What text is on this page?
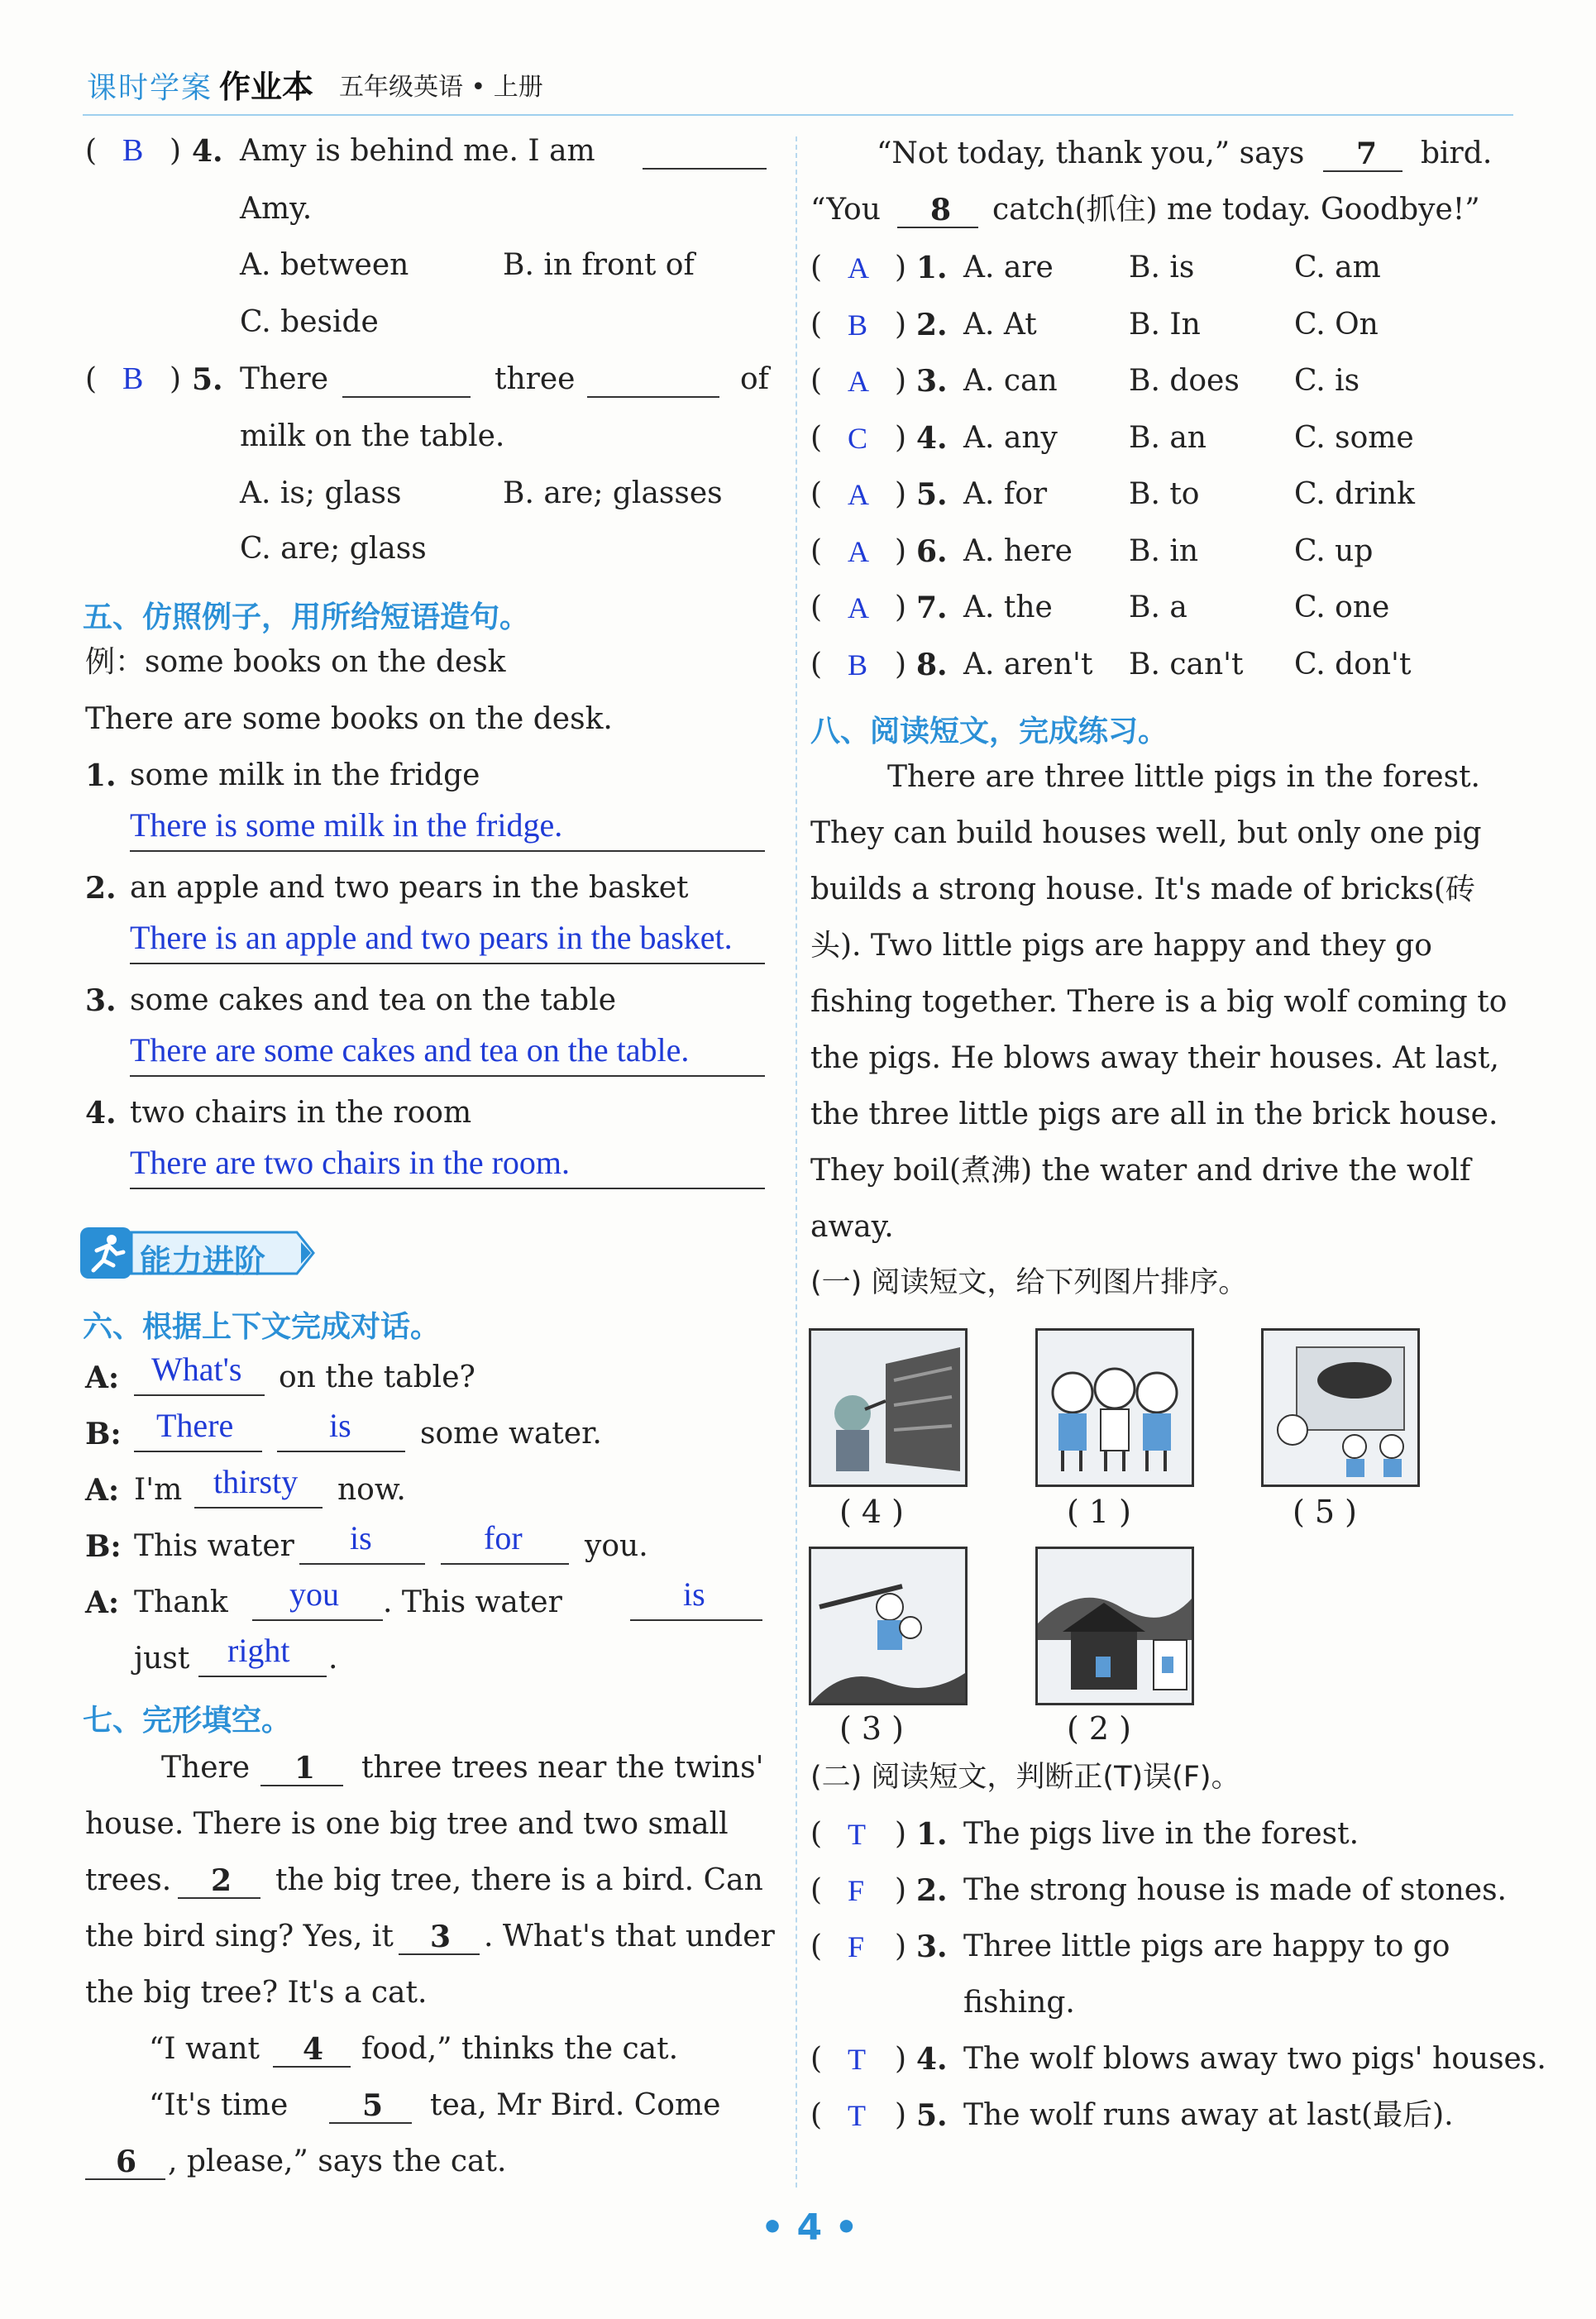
课时学案 作业本 五年级英语 • 上册
( B ) 4. Amy is behind me. I am
Amy.
A. between	B. in front of
C. beside
( B ) 5. There	three	of
milk on the table.
A. is; glass	B. are; glasses
C. are; glass
五、仿照例子，用所给短语造句。
例：some books on the desk
There are some books on the desk.
1. some milk in the fridge
There is some milk in the fridge.
2. an apple and two pears in the basket
There is an apple and two pears in the basket.
3. some cakes and tea on the table
There are some cakes and tea on the table.
4. two chairs in the room
There are two chairs in the room.
能力进阶
六、根据上下文完成对话。
A: What's on the table?
B: There	is some water.
A: I'm thirsty now.
B: This water is	for you.
A: Thank you . This water	is
just right .
七、完形填空。
There 1 three trees near the twins'
house. There is one big tree and two small
trees. 2 the big tree, there is a bird. Can
the bird sing? Yes, it 3 . What's that under
the big tree? It's a cat.
“I want 4 food,” thinks the cat.
“It's time 5 tea, Mr Bird. Come
6 , please,” says the cat.
“Not today, thank you,” says 7 bird.
“You 8 catch(抓住) me today. Goodbye!”
( A ) 1. A. are	B. is	C. am
( B ) 2. A. At	B. In	C. On
( A ) 3. A. can B. does C. is
( C ) 4. A. any B. an	C. some
( A ) 5. A. for	B. to	C. drink
( A ) 6. A. here B. in	C. up
( A ) 7. A. the	B. a	C. one
( B ) 8. A. aren't B. can't C. don't
八、阅读短文，完成练习。
There are three little pigs in the forest.
They can build houses well, but only one pig
builds a strong house. It's made of bricks(砖
头). Two little pigs are happy and they go
fishing together. There is a big wolf coming to
the pigs. He blows away their houses. At last,
the three little pigs are all in the brick house.
They boil(煮沸) the water and drive the wolf
away.
(一) 阅读短文，给下列图片排序。
( 4 )	( 1 )	( 5 )
( 3 )	( 2 )
(二) 阅读短文，判断正(T)误(F)。
( T ) 1. The pigs live in the forest.
( F ) 2. The strong house is made of stones.
( F ) 3. Three little pigs are happy to go
fishing.
( T ) 4. The wolf blows away two pigs' houses.
( T ) 5. The wolf runs away at last(最后).
• 4 •
